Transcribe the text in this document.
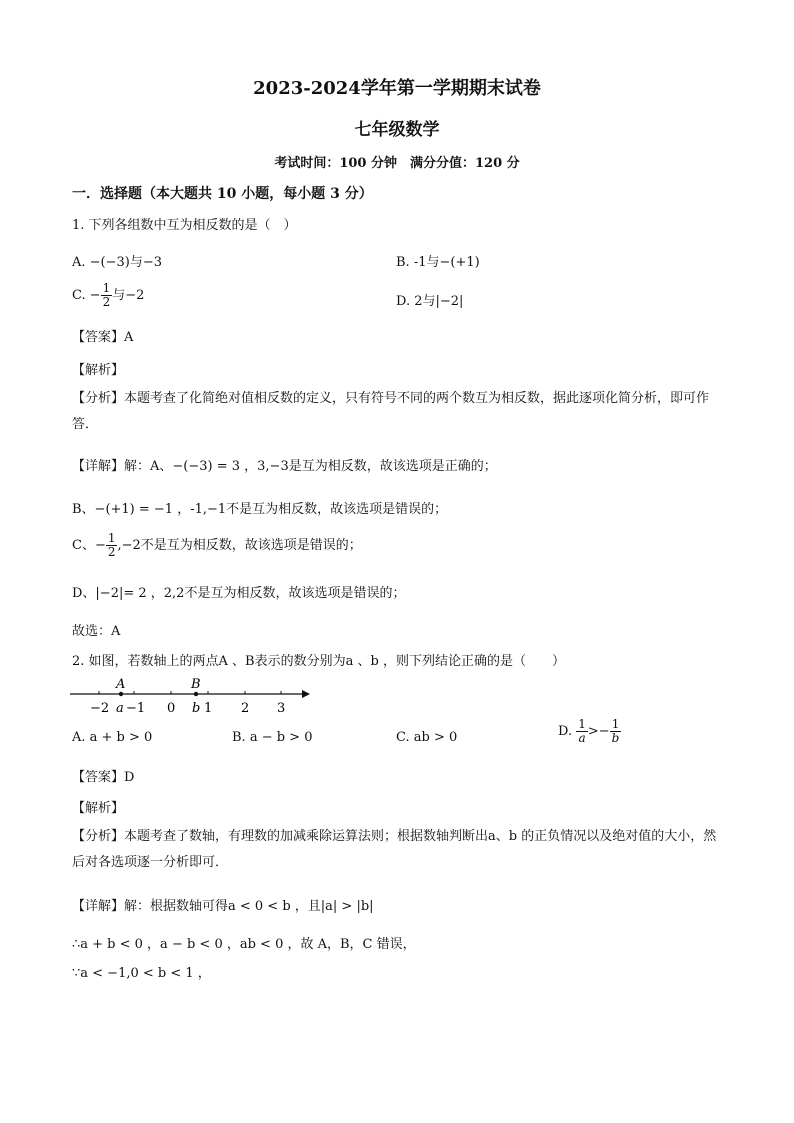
2023-2024学年第一学期期末试卷
七年级数学
考试时间：100 分钟　满分分值：120 分
一．选择题（本大题共 10 小题，每小题 3 分）
1. 下列各组数中互为相反数的是（　）
A. −(−3)与−3	B. -1与−(+1)
C. − $\frac{1}{2}$ 与−2	D. 2与|−2|
【答案】A
【解析】
【分析】本题考查了化简绝对值相反数的定义，只有符号不同的两个数互为相反数，据此逐项化简分析，即可作答．
【详解】解：A、−(−3) = 3 ，3,−3是互为相反数，故该选项是正确的；
B、−(+1) = −1 ，-1,−1不是互为相反数，故该选项是错误的；
C、− $\frac{1}{2} ,-2$不是互为相反数，故该选项是错误的；
D、|−2|= 2 ，2,2不是互为相反数，故该选项是错误的；
故选：A
2. 如图，若数轴上的两点A 、B表示的数分别为a 、b ，则下列结论正确的是（　　）
A	B
−2 a −1 0 b 1 2 3
A. a + b > 0	B. a − b > 0	C. ab > 0	D. $\frac{1}{a} >- \frac{1}{b}$
【答案】D
【解析】
【分析】本题考查了数轴，有理数的加减乘除运算法则；根据数轴判断出a、b 的正负情况以及绝对值的大小，然后对各选项逐一分析即可．
【详解】解：根据数轴可得a < 0 < b ，且|a| > |b|
∴a + b < 0 ，a − b < 0 ，ab < 0 ，故 A，B，C 错误，
∵a < −1,0 < b < 1 ，
